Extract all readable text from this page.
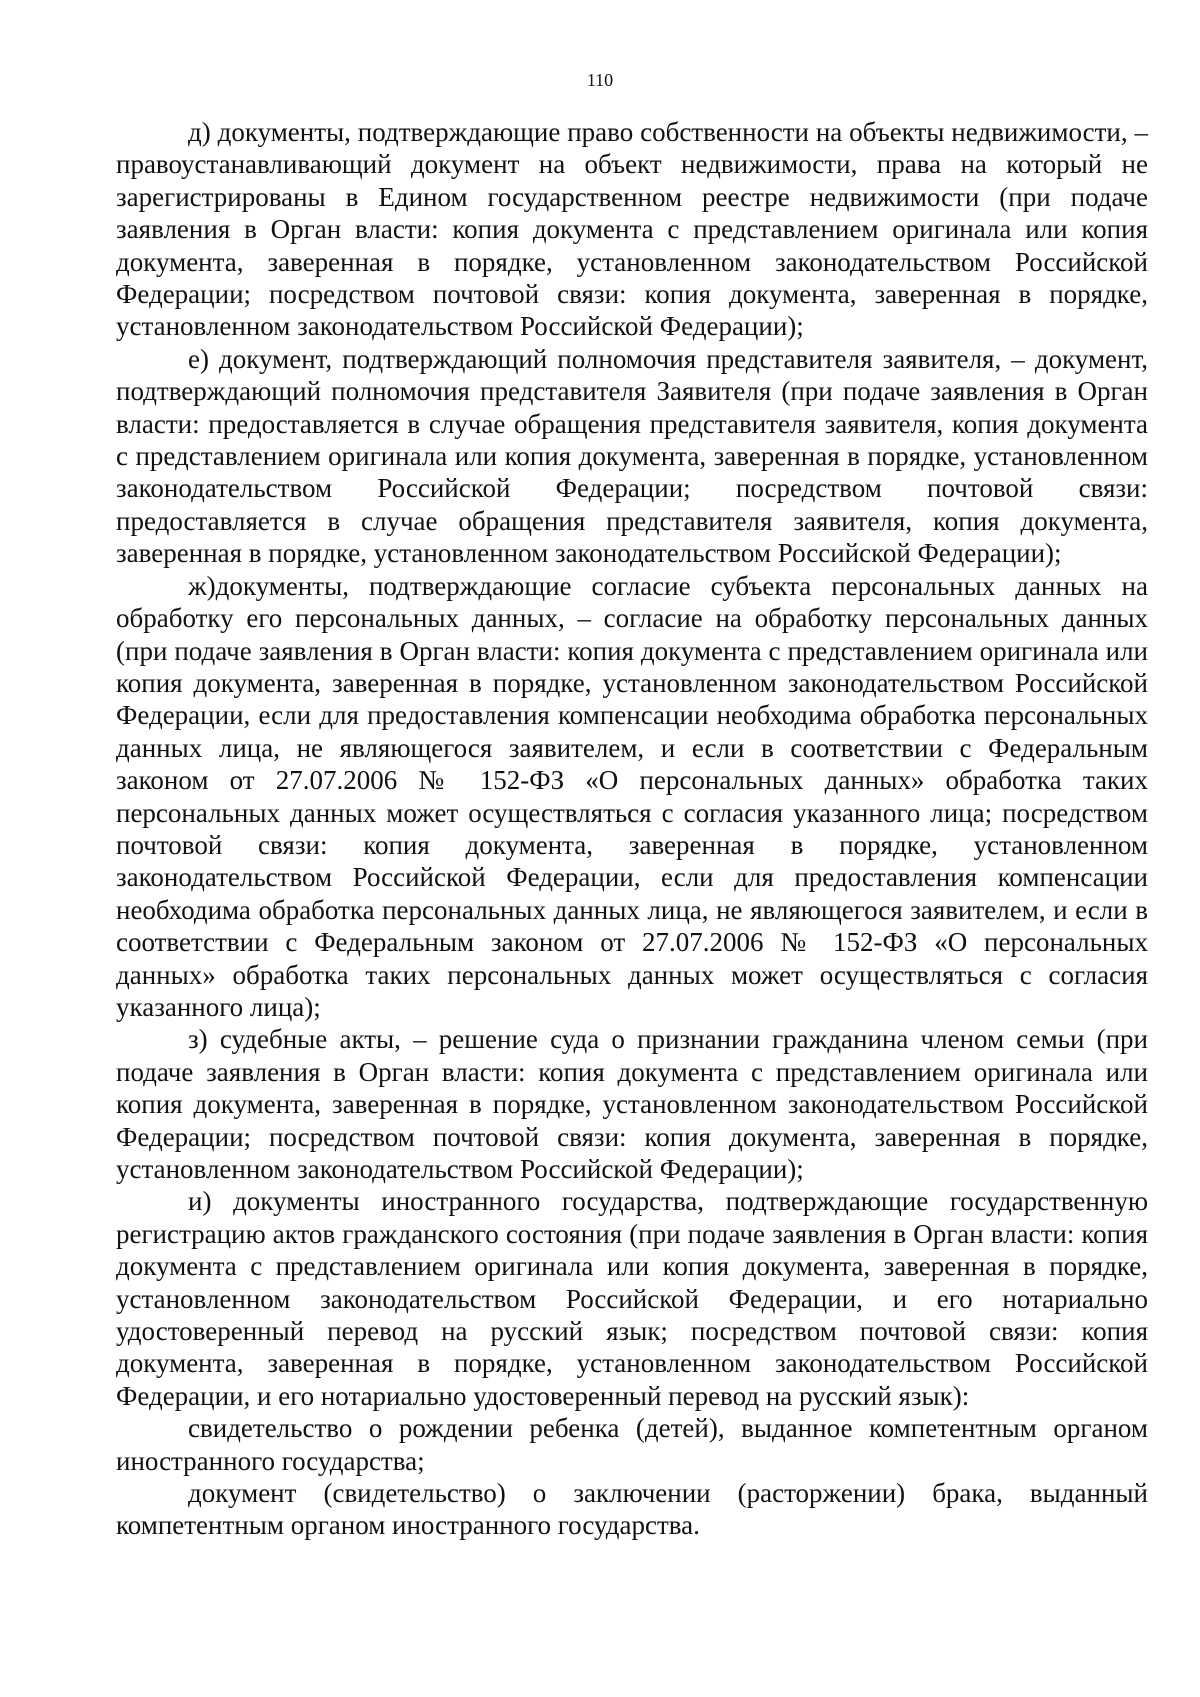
110

д) документы, подтверждающие право собственности на объекты недвижимости, – правоустанавливающий документ на объект недвижимости, права на который не зарегистрированы в Едином государственном реестре недвижимости (при подаче заявления в Орган власти: копия документа с представлением оригинала или копия документа, заверенная в порядке, установленном законодательством Российской Федерации; посредством почтовой связи: копия документа, заверенная в порядке, установленном законодательством Российской Федерации);

е) документ, подтверждающий полномочия представителя заявителя, – документ, подтверждающий полномочия представителя Заявителя (при подаче заявления в Орган власти: предоставляется в случае обращения представителя заявителя, копия документа с представлением оригинала или копия документа, заверенная в порядке, установленном законодательством Российской Федерации; посредством почтовой связи: предоставляется в случае обращения представителя заявителя, копия документа, заверенная в порядке, установленном законодательством Российской Федерации);

ж)документы, подтверждающие согласие субъекта персональных данных на обработку его персональных данных, – согласие на обработку персональных данных (при подаче заявления в Орган власти: копия документа с представлением оригинала или копия документа, заверенная в порядке, установленном законодательством Российской Федерации, если для предоставления компенсации необходима обработка персональных данных лица, не являющегося заявителем, и если в соответствии с Федеральным законом от 27.07.2006 № 152-ФЗ «О персональных данных» обработка таких персональных данных может осуществляться с согласия указанного лица; посредством почтовой связи: копия документа, заверенная в порядке, установленном законодательством Российской Федерации, если для предоставления компенсации необходима обработка персональных данных лица, не являющегося заявителем, и если в соответствии с Федеральным законом от 27.07.2006 № 152-ФЗ «О персональных данных» обработка таких персональных данных может осуществляться с согласия указанного лица);

з) судебные акты, – решение суда о признании гражданина членом семьи (при подаче заявления в Орган власти: копия документа с представлением оригинала или копия документа, заверенная в порядке, установленном законодательством Российской Федерации; посредством почтовой связи: копия документа, заверенная в порядке, установленном законодательством Российской Федерации);

и) документы иностранного государства, подтверждающие государственную регистрацию актов гражданского состояния (при подаче заявления в Орган власти: копия документа с представлением оригинала или копия документа, заверенная в порядке, установленном законодательством Российской Федерации, и его нотариально удостоверенный перевод на русский язык; посредством почтовой связи: копия документа, заверенная в порядке, установленном законодательством Российской Федерации, и его нотариально удостоверенный перевод на русский язык):

свидетельство о рождении ребенка (детей), выданное компетентным органом иностранного государства;

документ (свидетельство) о заключении (расторжении) брака, выданный компетентным органом иностранного государства.
